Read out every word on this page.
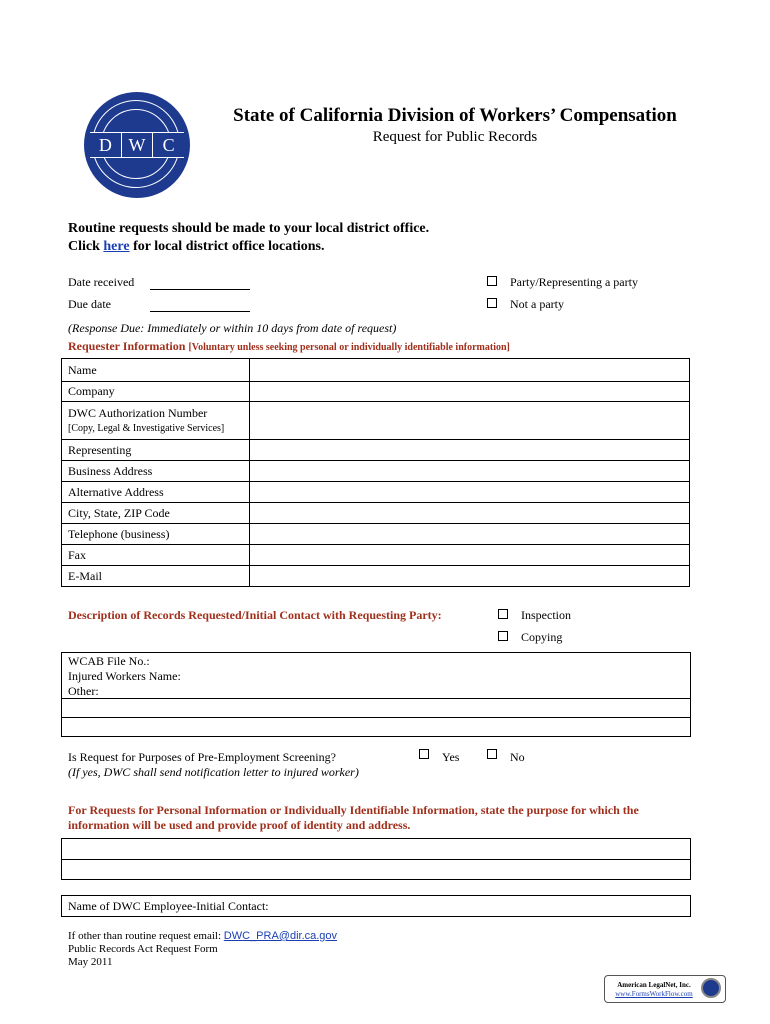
D W C
State of California Division of Workers’ Compensation
Request for Public Records
Routine requests should be made to your local district office.
Click here for local district office locations.
Date received
Due date
Party/Representing a party
Not a party
(Response Due: Immediately or within 10 days from date of request)
Requester Information [Voluntary unless seeking personal or individually identifiable information]
Name	
Company	

DWC Authorization Number
[Copy, Legal & Investigative Services]	

Representing	
Business Address	
Alternative Address	
City, State, ZIP Code	
Telephone (business)	
Fax	
E-Mail	
Description of Records Requested/Initial Contact with Requesting Party:	Inspection
Copying
WCAB File No.:
Injured Workers Name:
Other:
Is Request for Purposes of Pre-Employment Screening?
(If yes, DWC shall send notification letter to injured worker)
Yes	No
For Requests for Personal Information or Individually Identifiable Information, state the purpose for which the
information will be used and provide proof of identity and address.
Name of DWC Employee-Initial Contact:
If other than routine request email: DWC_PRA@dir.ca.gov
Public Records Act Request Form
May 2011
American LegalNet, Inc.
www.FormsWorkFlow.com
